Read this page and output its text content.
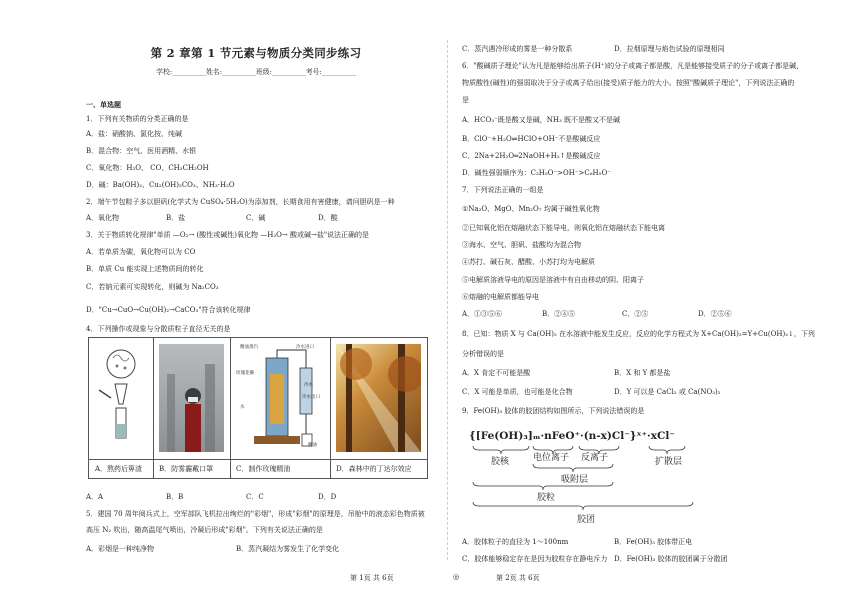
第 2 章第 1 节元素与物质分类同步练习
学校:__________姓名:__________班级:__________考号:__________
一、单选题
1．下列有关物质的分类正确的是
A．盐：硝酸钠、氯化按、纯碱
B．混合物：空气、医用酒精、水银
C．氧化物：H₂O、 CO、CH₃CH₂OH
D．碱：Ba(OH)₂、Cu₂(OH)₂CO₃、NH₃·H₂O
2．端午节包粽子多以胆矾(化学式为 CuSO₄·5H₂O)为添加剂，长期食用有害健康，请问胆矾是一种
A．氧化物	B．盐	C．碱	D．酸
3．关于物质转化规律"单质 —O₂→ (酸性或碱性)氧化物 —H₂O→ 酸或碱→盐"说法正确的是
A．若单质为碳，氧化物可以为 CO
B．单质 Cu 能实现上述物质间的转化
C．若钠元素可实现转化，则碱为 Na₂CO₃
D．"Cu→CuO→Cu(OH)₂→CaCO₃"符合该转化规律
4．下列操作或现象与分散质粒子直径无关的是
A．A	B．B	C．C	D．D
5．建国 70 周年阅兵式上，空军部队飞机拉出绚烂的"彩烟"，形成"彩烟"的原理是，吊舱中的液态彩色物质被
高压 N₂ 吹出，随高温尾气喷出，冷凝后形成"彩烟"。下列有关说法正确的是
A．彩烟是一种纯净物	B．蒸汽凝结为雾发生了化学变化
A．熬药后箅渣	B．防雾霾戴口罩
精油蒸汽	冷水进口
玫瑰花瓣
冷水
冷水出口
水
精油
C．制作玫瑰精油	D．森林中的丁达尔效应
C．蒸汽遇冷形成的雾是一种分散系	D．拉烟原理与焰色试验的原理相同
6．"酸碱质子理论"认为凡是能够给出质子(H⁺)的分子或离子都是酸，凡是能够接受质子的分子或离子都是碱，
物质酸性(碱性)的强弱取决于分子或离子给出(接受)质子能力的大小。按照"酸碱质子理论"，下列说法正确的
是
A．HCO₃⁻既是酸又是碱，NH₃ 既不是酸又不是碱
B．ClO⁻+H₂O⇌HClO+OH⁻不是酸碱反应
C．2Na+2H₂O═2NaOH+H₂↑是酸碱反应
D．碱性强弱顺序为：C₂H₅O⁻>OH⁻>C₆H₅O⁻
7．下列说法正确的一组是
①Na₂O、MgO、Mn₂O₇ 均属于碱性氧化物
②已知氧化铝在熔融状态下能导电，则氧化铝在熔融状态下能电离
③海水、空气、胆矾、盐酸均为混合物
④苏打、碱石灰、醋酸、小苏打均为电解质
⑤电解质溶液导电的原因是溶液中有自由移动的阴、阳离子
⑥熔融的电解质都能导电
A．①③⑤⑥	B．②④⑤	C．②⑤	D．②⑤⑥
8．已知：物质 X 与 Ca(OH)₂ 在水溶液中能发生反应，反应的化学方程式为 X+Ca(OH)₂=Y+Cu(OH)₂↓，下列
分析错误的是
A．X 肯定不可能是酸	B．X 和 Y 都是盐
C．X 可能是单质，也可能是化合物	D．Y 可以是 CaCl₂ 或 Ca(NO₃)₂
9．Fe(OH)₃ 胶体的胶团结构如图所示，下列说法错误的是
A．胶体粒子的直径为 1～100nm	B．Fe(OH)₃ 胶体带正电
C．胶体能够稳定存在是因为胶粒存在静电斥力 D．Fe(OH)₃ 胶体的胶团属于分散团
{[Fe(OH)₃]ₘ·nFeO⁺·(n-x)Cl⁻}ˣ⁺·xCl⁻
胶核	电位离子 反离子
吸附层
扩散层
胶粒
胶团
第 1页 共 6页	◎	第 2页 共 6页
